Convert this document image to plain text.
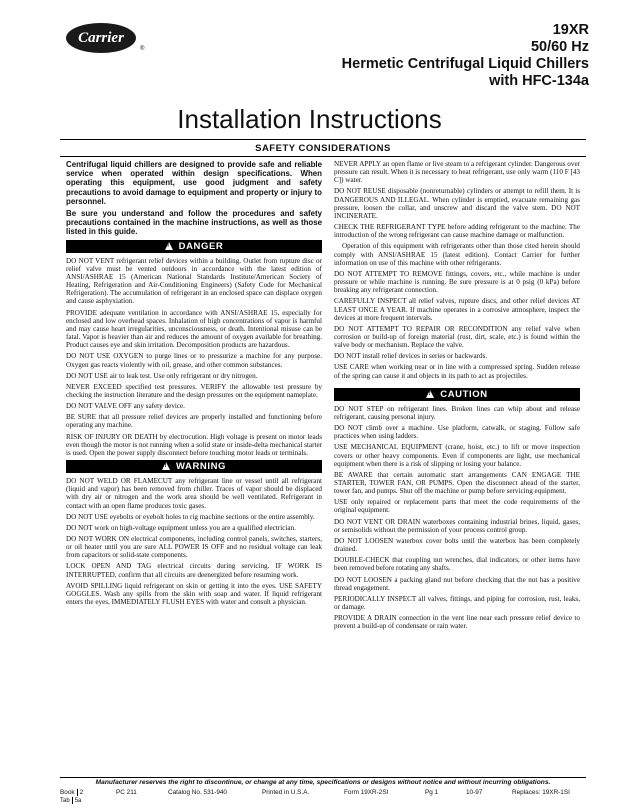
Carrier
®
19XR
50/60 Hz
Hermetic Centrifugal Liquid Chillers
with HFC-134a
Installation Instructions
SAFETY CONSIDERATIONS

Centrifugal liquid chillers are designed to provide safe and reliable service when operated within design specifications. When operating this equipment, use good judgment and safety precautions to avoid damage to equipment and property or injury to personnel.

Be sure you understand and follow the procedures and safety precautions contained in the machine instructions, as well as those listed in this guide.

!DANGER

DO NOT VENT refrigerant relief devices within a building. Outlet from rupture disc or relief valve must be vented outdoors in accordance with the latest edition of ANSI/ASHRAE 15 (American National Standards Institute/American Society of Heating, Refrigeration and Air-Conditioning Engineers) (Safety Code for Mechanical Refrigeration). The accumulation of refrigerant in an enclosed space can displace oxygen and cause asphyxiation.

PROVIDE adequate ventilation in accordance with ANSI/ASHRAE 15, especially for enclosed and low overhead spaces. Inhalation of high concentrations of vapor is harmful and may cause heart irregularities, unconsciousness, or death. Intentional misuse can be fatal. Vapor is heavier than air and reduces the amount of oxygen available for breathing. Product causes eye and skin irritation. Decomposition products are hazardous.

DO NOT USE OXYGEN to purge lines or to pressurize a machine for any purpose. Oxygen gas reacts violently with oil, grease, and other common substances.

DO NOT USE air to leak test. Use only refrigerant or dry nitrogen.

NEVER EXCEED specified test pressures. VERIFY the allowable test pressure by checking the instruction literature and the design pressures on the equipment nameplate.

DO NOT VALVE OFF any safety device.

BE SURE that all pressure relief devices are properly installed and functioning before operating any machine.

RISK OF INJURY OR DEATH by electrocution. High voltage is present on motor leads even though the motor is not running when a solid state or inside-delta mechanical starter is used. Open the power supply disconnect before touching motor leads or terminals.

!WARNING

DO NOT WELD OR FLAMECUT any refrigerant line or vessel until all refrigerant (liquid and vapor) has been removed from chiller. Traces of vapor should be displaced with dry air or nitrogen and the work area should be well ventilated. Refrigerant in contact with an open flame produces toxic gases.

DO NOT USE eyebolts or eyebolt holes to rig machine sections or the entire assembly.

DO NOT work on high-voltage equipment unless you are a qualified electrician.

DO NOT WORK ON electrical components, including control panels, switches, starters, or oil heater until you are sure ALL POWER IS OFF and no residual voltage can leak from capacitors or solid-state components.

LOCK OPEN AND TAG electrical circuits during servicing. IF WORK IS INTERRUPTED, confirm that all circuits are deenergized before resuming work.

AVOID SPILLING liquid refrigerant on skin or getting it into the eyes. USE SAFETY GOGGLES. Wash any spills from the skin with soap and water. If liquid refrigerant enters the eyes, IMMEDIATELY FLUSH EYES with water and consult a physician.

NEVER APPLY an open flame or live steam to a refrigerant cylinder. Dangerous over pressure can result. When it is necessary to heat refrigerant, use only warm (110 F [43 C]) water.

DO NOT REUSE disposable (nonreturnable) cylinders or attempt to refill them. It is DANGEROUS AND ILLEGAL. When cylinder is emptied, evacuate remaining gas pressure, loosen the collar, and unscrew and discard the valve stem. DO NOT INCINERATE.

CHECK THE REFRIGERANT TYPE before adding refrigerant to the machine. The introduction of the wrong refrigerant can cause machine damage or malfunction.

Operation of this equipment with refrigerants other than those cited herein should comply with ANSI/ASHRAE 15 (latest edition). Contact Carrier for further information on use of this machine with other refrigerants.

DO NOT ATTEMPT TO REMOVE fittings, covers, etc., while machine is under pressure or while machine is running. Be sure pressure is at 0 psig (0 kPa) before breaking any refrigerant connection.

CAREFULLY INSPECT all relief valves, rupture discs, and other relief devices AT LEAST ONCE A YEAR. If machine operates in a corrosive atmosphere, inspect the devices at more frequent intervals.

DO NOT ATTEMPT TO REPAIR OR RECONDITION any relief valve when corrosion or build-up of foreign material (rust, dirt, scale, etc.) is found within the valve body or mechanism. Replace the valve.

DO NOT install relief devices in series or backwards.

USE CARE when working near or in line with a compressed spring. Sudden release of the spring can cause it and objects in its path to act as projectiles.

!CAUTION

DO NOT STEP on refrigerant lines. Broken lines can whip about and release refrigerant, causing personal injury.

DO NOT climb over a machine. Use platform, catwalk, or staging. Follow safe practices when using ladders.

USE MECHANICAL EQUIPMENT (crane, hoist, etc.) to lift or move inspection covers or other heavy components. Even if components are light, use mechanical equipment when there is a risk of slipping or losing your balance.

BE AWARE that certain automatic start arrangements CAN ENGAGE THE STARTER, TOWER FAN, OR PUMPS. Open the disconnect ahead of the starter, tower fan, and pumps. Shut off the machine or pump before servicing equipment.

USE only repaired or replacement parts that meet the code requirements of the original equipment.

DO NOT VENT OR DRAIN waterboxes containing industrial brines, liquid, gases, or semisolids without the permission of your process control group.

DO NOT LOOSEN waterbox cover bolts until the waterbox has been completely drained.

DOUBLE-CHECK that coupling nut wrenches, dial indicators, or other items have been removed before rotating any shafts.

DO NOT LOOSEN a packing gland nut before checking that the nut has a positive thread engagement.

PERIODICALLY INSPECT all valves, fittings, and piping for corrosion, rust, leaks, or damage.

PROVIDE A DRAIN connection in the vent line near each pressure relief device to prevent a build-up of condensate or rain water.

Manufacturer reserves the right to discontinue, or change at any time, specifications or designs without notice and without incurring obligations.
Book 2
Tab 5a
PC 211	Catalog No. 531-940	Printed in U.S.A.	Form 19XR-2SI	Pg 1	10-97	Replaces: 19XR-1SI
